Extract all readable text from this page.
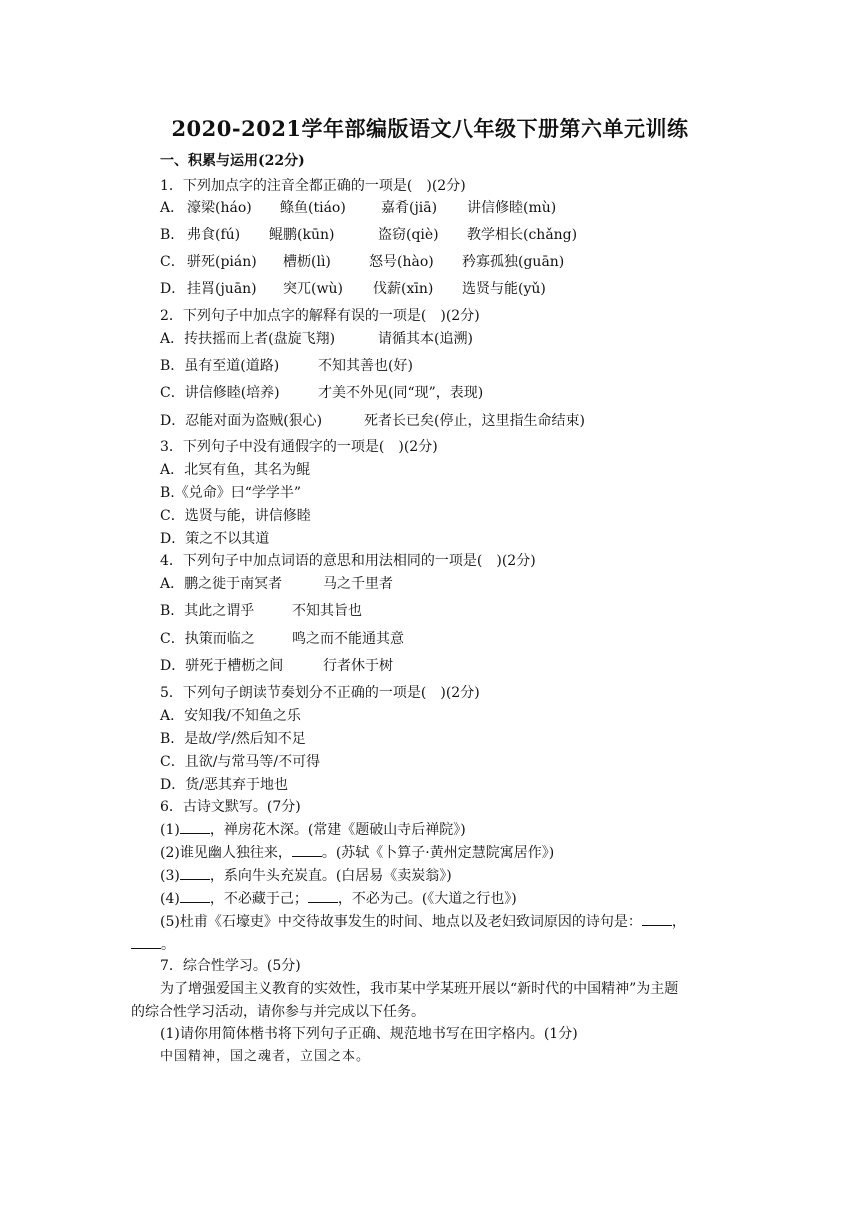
2020-2021学年部编版语文八年级下册第六单元训练
一、积累与运用(22分)
1．下列加点字的注音全都正确的一项是(　)(2分)
A． 濠梁(háo) 鲦鱼(tiáo)	嘉肴(jiā) 讲信修睦(mù)
B． 弗食(fú) 鲲鹏(kūn)	盗窃(qiè) 教学相长(chǎng)
C． 骈死(pián) 槽枥(lì)	怒号(hào) 矜寡孤独(guān)
D． 挂罥(juān) 突兀(wù) 伐薪(xīn) 选贤与能(yǔ)
2．下列句子中加点字的解释有误的一项是(　)(2分)
A．抟扶摇而上者(盘旋飞翔)	请循其本(追溯)
B．虽有至道(道路)	不知其善也(好)
C．讲信修睦(培养)	才美不外见(同“现”，表现)
D．忍能对面为盗贼(狠心)	死者长已矣(停止，这里指生命结束)
3．下列句子中没有通假字的一项是(　)(2分)
A．北冥有鱼，其名为鲲
B.《兑命》曰“学学半”
C．选贤与能，讲信修睦
D．策之不以其道
4．下列句子中加点词语的意思和用法相同的一项是(　)(2分)
A．鹏之徙于南冥者	马之千里者
B．其此之谓乎	不知其旨也
C．执策而临之	鸣之而不能通其意
D．骈死于槽枥之间	行者休于树
5．下列句子朗读节奏划分不正确的一项是(　)(2分)
A．安知我/不知鱼之乐
B．是故/学/然后知不足
C．且欲/与常马等/不可得
D．货/恶其弃于地也
6．古诗文默写。(7分)
(1) ，禅房花木深。(常建《题破山寺后禅院》)
(2)谁见幽人独往来， 。(苏轼《卜算子·黄州定慧院寓居作》)
(3) ，系向牛头充炭直。(白居易《卖炭翁》)
(4) ，不必藏于己； ，不必为己。(《大道之行也》)
(5)杜甫《石壕吏》中交待故事发生的时间、地点以及老妇致词原因的诗句是： ，
。
7．综合性学习。(5分)
为了增强爱国主义教育的实效性，我市某中学某班开展以“新时代的中国精神”为主题
的综合性学习活动，请你参与并完成以下任务。
(1)请你用简体楷书将下列句子正确、规范地书写在田字格内。(1分)
中国精神，国之魂者，立国之本。
